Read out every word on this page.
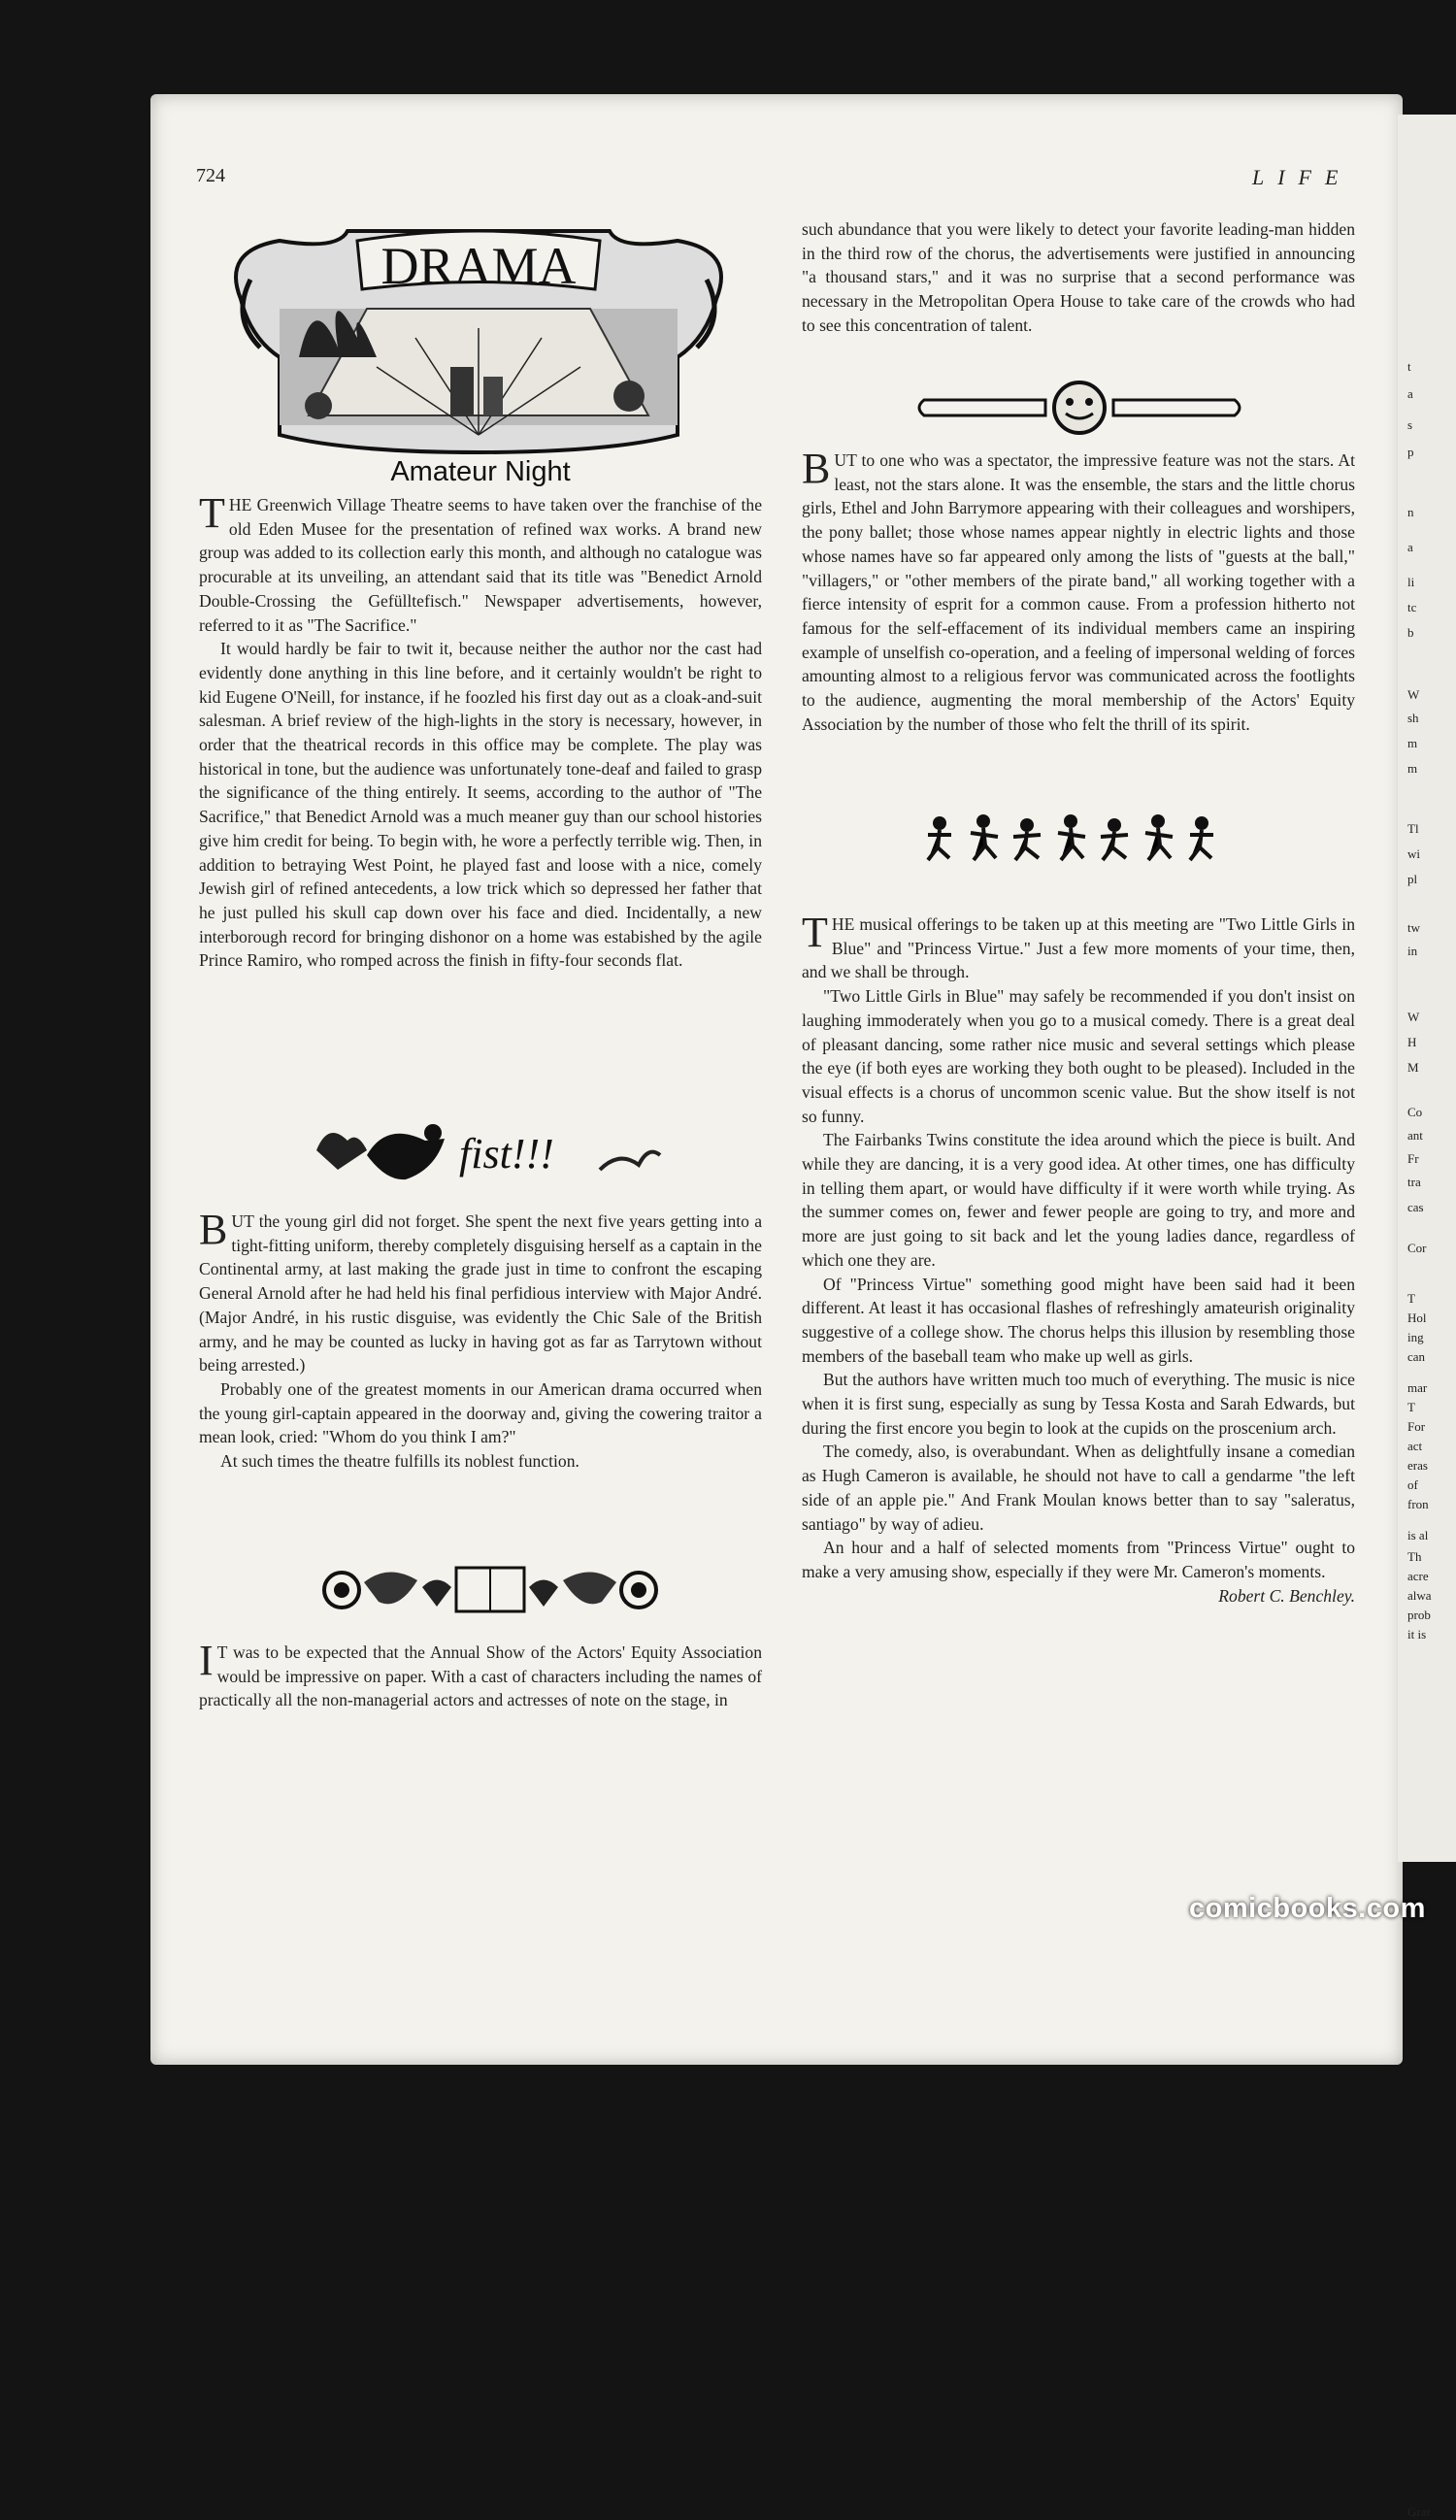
t
a
s
p
n
a
li
tc
b
W
sh
m
m
Tl
wi
pl
tw
in
W
H
M
Co
ant
Fr
tra
cas
Cor
T
Hol
ing
can
mar
T
For
act
eras
of
fron
is al
Th
acre
alwa
prob
it is
Grar
724	LIFE
DRAMA
Amateur Night

THE Greenwich Village Theatre seems to have taken over the franchise of the old Eden Musee for the presentation of refined wax works. A brand new group was added to its collection early this month, and although no catalogue was procurable at its unveiling, an attendant said that its title was "Benedict Arnold Double-Crossing the Gefülltefisch." Newspaper advertisements, however, referred to it as "The Sacrifice."

It would hardly be fair to twit it, because neither the author nor the cast had evidently done anything in this line before, and it certainly wouldn't be right to kid Eugene O'Neill, for instance, if he foozled his first day out as a cloak-and-suit salesman. A brief review of the high-lights in the story is necessary, however, in order that the theatrical records in this office may be complete. The play was historical in tone, but the audience was unfortunately tone-deaf and failed to grasp the significance of the thing entirely. It seems, according to the author of "The Sacrifice," that Benedict Arnold was a much meaner guy than our school histories give him credit for being. To begin with, he wore a perfectly terrible wig. Then, in addition to betraying West Point, he played fast and loose with a nice, comely Jewish girl of refined antecedents, a low trick which so depressed her father that he just pulled his skull cap down over his face and died. Incidentally, a new interborough record for bringing dishonor on a home was estabished by the agile Prince Ramiro, who romped across the finish in fifty-four seconds flat.

fist!!!

BUT the young girl did not forget. She spent the next five years getting into a tight-fitting uniform, thereby completely disguising herself as a captain in the Continental army, at last making the grade just in time to confront the escaping General Arnold after he had held his final perfidious interview with Major André. (Major André, in his rustic disguise, was evidently the Chic Sale of the British army, and he may be counted as lucky in having got as far as Tarrytown without being arrested.)

Probably one of the greatest moments in our American drama occurred when the young girl-captain appeared in the doorway and, giving the cowering traitor a mean look, cried: "Whom do you think I am?"

At such times the theatre fulfills its noblest function.

I T was to be expected that the Annual Show of the Actors' Equity Association would be impressive on paper. With a cast of characters including the names of practically all the non-managerial actors and actresses of note on the stage, in

such abundance that you were likely to detect your favorite leading-man hidden in the third row of the chorus, the advertisements were justified in announcing "a thousand stars," and it was no surprise that a second performance was necessary in the Metropolitan Opera House to take care of the crowds who had to see this concentration of talent.

BUT to one who was a spectator, the impressive feature was not the stars. At least, not the stars alone. It was the ensemble, the stars and the little chorus girls, Ethel and John Barrymore appearing with their colleagues and worshipers, the pony ballet; those whose names appear nightly in electric lights and those whose names have so far appeared only among the lists of "guests at the ball," "villagers," or "other members of the pirate band," all working together with a fierce intensity of esprit for a common cause. From a profession hitherto not famous for the self-effacement of its individual members came an inspiring example of unselfish co-operation, and a feeling of impersonal welding of forces amounting almost to a religious fervor was communicated across the footlights to the audience, augmenting the moral membership of the Actors' Equity Association by the number of those who felt the thrill of its spirit.

THE musical offerings to be taken up at this meeting are "Two Little Girls in Blue" and "Princess Virtue." Just a few more moments of your time, then, and we shall be through.

"Two Little Girls in Blue" may safely be recommended if you don't insist on laughing immoderately when you go to a musical comedy. There is a great deal of pleasant dancing, some rather nice music and several settings which please the eye (if both eyes are working they both ought to be pleased). Included in the visual effects is a chorus of uncommon scenic value. But the show itself is not so funny.

The Fairbanks Twins constitute the idea around which the piece is built. And while they are dancing, it is a very good idea. At other times, one has difficulty in telling them apart, or would have difficulty if it were worth while trying. As the summer comes on, fewer and fewer people are going to try, and more and more are just going to sit back and let the young ladies dance, regardless of which one they are.

Of "Princess Virtue" something good might have been said had it been different. At least it has occasional flashes of refreshingly amateurish originality suggestive of a college show. The chorus helps this illusion by resembling those members of the baseball team who make up well as girls.

But the authors have written much too much of everything. The music is nice when it is first sung, especially as sung by Tessa Kosta and Sarah Edwards, but during the first encore you begin to look at the cupids on the proscenium arch.

The comedy, also, is overabundant. When as delightfully insane a comedian as Hugh Cameron is available, he should not have to call a gendarme "the left side of an apple pie." And Frank Moulan knows better than to say "saleratus, santiago" by way of adieu.

An hour and a half of selected moments from "Princess Virtue" ought to make a very amusing show, especially if they were Mr. Cameron's moments.
Robert C. Benchley.

comicbooks.com
